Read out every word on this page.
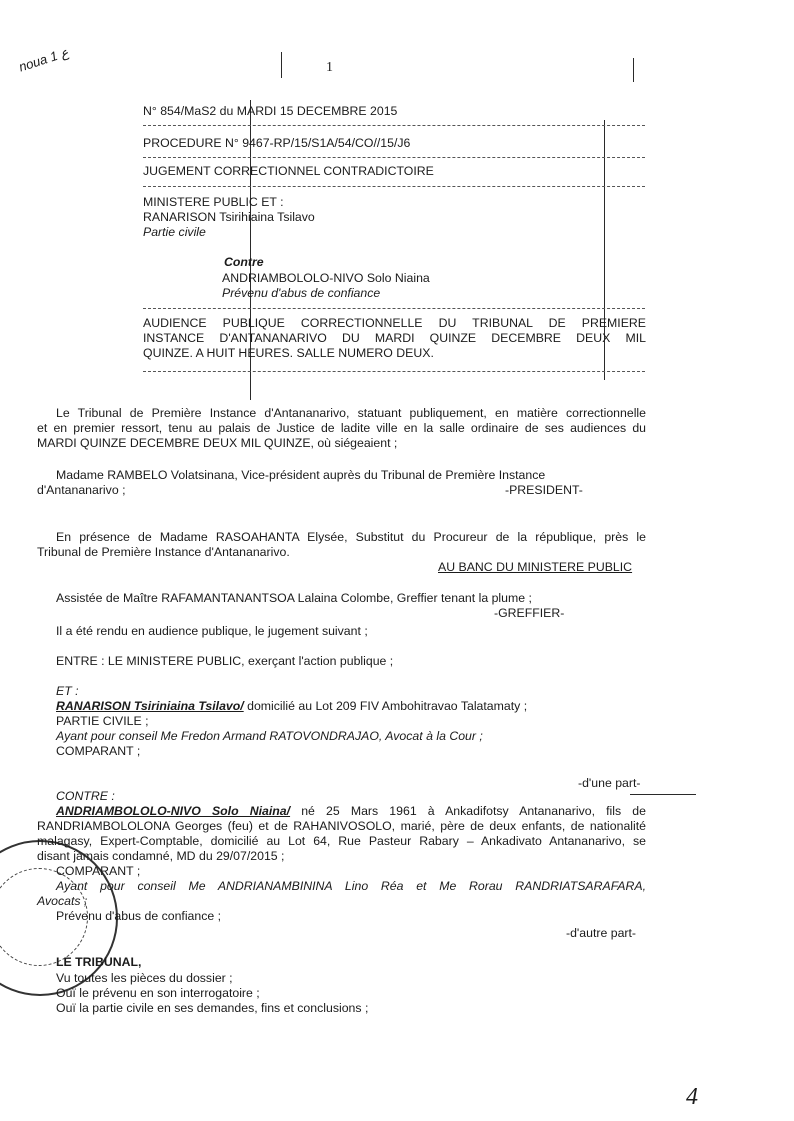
noua 1 ع
1
N° 854/MaS2 du MARDI 15 DECEMBRE 2015
PROCEDURE N° 9467-RP/15/S1A/54/CO//15/J6
JUGEMENT CORRECTIONNEL CONTRADICTOIRE
MINISTERE PUBLIC ET :
RANARISON Tsirihiaina Tsilavo
Partie civile
Contre
ANDRIAMBOLOLO-NIVO Solo Niaina
Prévenu d'abus de confiance
AUDIENCE PUBLIQUE CORRECTIONNELLE DU TRIBUNAL DE PREMIERE
INSTANCE D'ANTANANARIVO DU MARDI QUINZE DECEMBRE DEUX MIL
QUINZE. A HUIT HEURES. SALLE NUMERO DEUX.
Le Tribunal de Première Instance d'Antananarivo, statuant publiquement, en matière correctionnelle
et en premier ressort, tenu au palais de Justice de ladite ville en la salle ordinaire de ses audiences du
MARDI QUINZE DECEMBRE DEUX MIL QUINZE, où siégeaient ;
Madame RAMBELO Volatsinana, Vice-président auprès du Tribunal de Première Instance
d'Antananarivo ;	-PRESIDENT-
En présence de Madame RASOAHANTA Elysée, Substitut du Procureur de la république, près le
Tribunal de Première Instance d'Antananarivo.
AU BANC DU MINISTERE PUBLIC
Assistée de Maître RAFAMANTANANTSOA Lalaina Colombe, Greffier tenant la plume ;
-GREFFIER-
Il a été rendu en audience publique, le jugement suivant ;
ENTRE : LE MINISTERE PUBLIC, exerçant l'action publique ;
ET :
RANARISON Tsiriniaina Tsilavo/ domicilié au Lot 209 FIV Ambohitravao Talatamaty ;
PARTIE CIVILE ;
Ayant pour conseil Me Fredon Armand RATOVONDRAJAO, Avocat à la Cour ;
COMPARANT ;
-d'une part-
CONTRE :
ANDRIAMBOLOLO-NIVO Solo Niaina/ né 25 Mars 1961 à Ankadifotsy Antananarivo, fils de
RANDRIAMBOLOLONA Georges (feu) et de RAHANIVOSOLO, marié, père de deux enfants, de nationalité
malagasy, Expert-Comptable, domicilié au Lot 64, Rue Pasteur Rabary – Ankadivato Antananarivo, se
disant jamais condamné, MD du 29/07/2015 ;
COMPARANT ;
Ayant pour conseil Me ANDRIANAMBININA Lino Réa et Me Rorau RANDRIATSARAFARA,
Avocats ;
Prévenu d'abus de confiance ;
-d'autre part-
LE TRIBUNAL,
Vu toutes les pièces du dossier ;
Ouï le prévenu en son interrogatoire ;
Ouï la partie civile en ses demandes, fins et conclusions ;
4
